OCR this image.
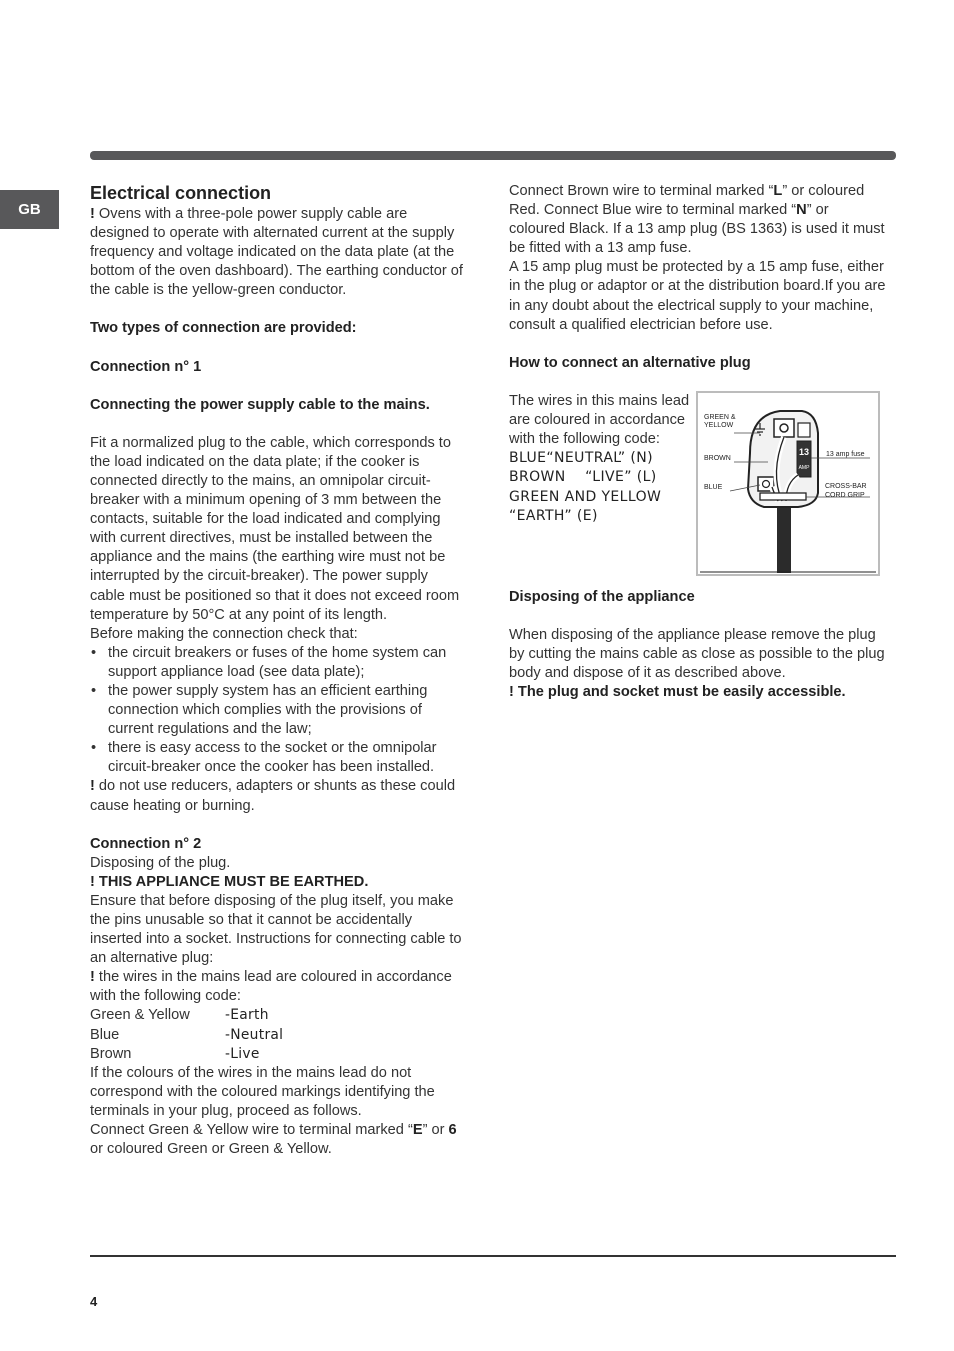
GB
Electrical connection

! Ovens with a three-pole power supply cable are designed to operate with alternated current at the supply frequency and voltage indicated on the data plate (at the bottom of the oven dashboard). The earthing conductor of the cable is the yellow-green conductor.

Two types of connection are provided:

Connection n° 1

Connecting the power supply cable to the mains.

Fit a normalized plug to the cable, which corresponds to the load indicated on the data plate; if the cooker is connected directly to the mains, an omnipolar circuit-breaker with a minimum opening of 3 mm between the contacts, suitable for the load indicated and complying with current directives, must be installed between the appliance and the mains (the earthing wire must not be interrupted by the circuit-breaker). The power supply cable must be positioned so that it does not exceed room temperature by 50°C at any point of its length.

Before making the connection check that:

• the circuit breakers or fuses of the home system can support appliance load (see data plate);
• the power supply system has an efficient earthing connection which complies with the provisions of current regulations and the law;
• there is easy access to the socket or the omnipolar circuit-breaker once the cooker has been installed.

! do not use reducers, adapters or shunts as these could cause heating or burning.

Connection n° 2

Disposing of the plug.

! THIS APPLIANCE MUST BE EARTHED.

Ensure that before disposing of the plug itself, you make the pins unusable so that it cannot be accidentally inserted into a socket. Instructions for connecting cable to an alternative plug:

! the wires in the mains lead are coloured in accordance with the following code:

Green & Yellow	-Earth
Blue	-Neutral
Brown	-Live

If the colours of the wires in the mains lead do not correspond with the coloured markings identifying the terminals in your plug, proceed as follows.

Connect Green & Yellow wire to terminal marked “E” or 6 or coloured Green or Green & Yellow.

Connect Brown wire to terminal marked “L” or coloured Red. Connect Blue wire to terminal marked “N” or coloured Black. If a 13 amp plug (BS 1363) is used it must be fitted with a 13 amp fuse.

A 15 amp plug must be protected by a 15 amp fuse, either in the plug or adaptor or at the distribution board.If you are in any doubt about the electrical supply to your machine, consult a qualified electrician before use.

How to connect an alternative plug

The wires in this mains lead are coloured in accordance with the following code:

BLUE“NEUTRAL” (N)
BROWN    “LIVE” (L)
GREEN AND YELLOW
“EARTH” (E)
13
AMP
GREEN &
YELLOW
BROWN
BLUE
13 amp fuse
CROSS-BAR
CORD GRIP

Disposing of the appliance

When disposing of the appliance please remove the plug by cutting the mains cable as close as possible to the plug body and dispose of it as described above.

! The plug and socket must be easily accessible.

4
